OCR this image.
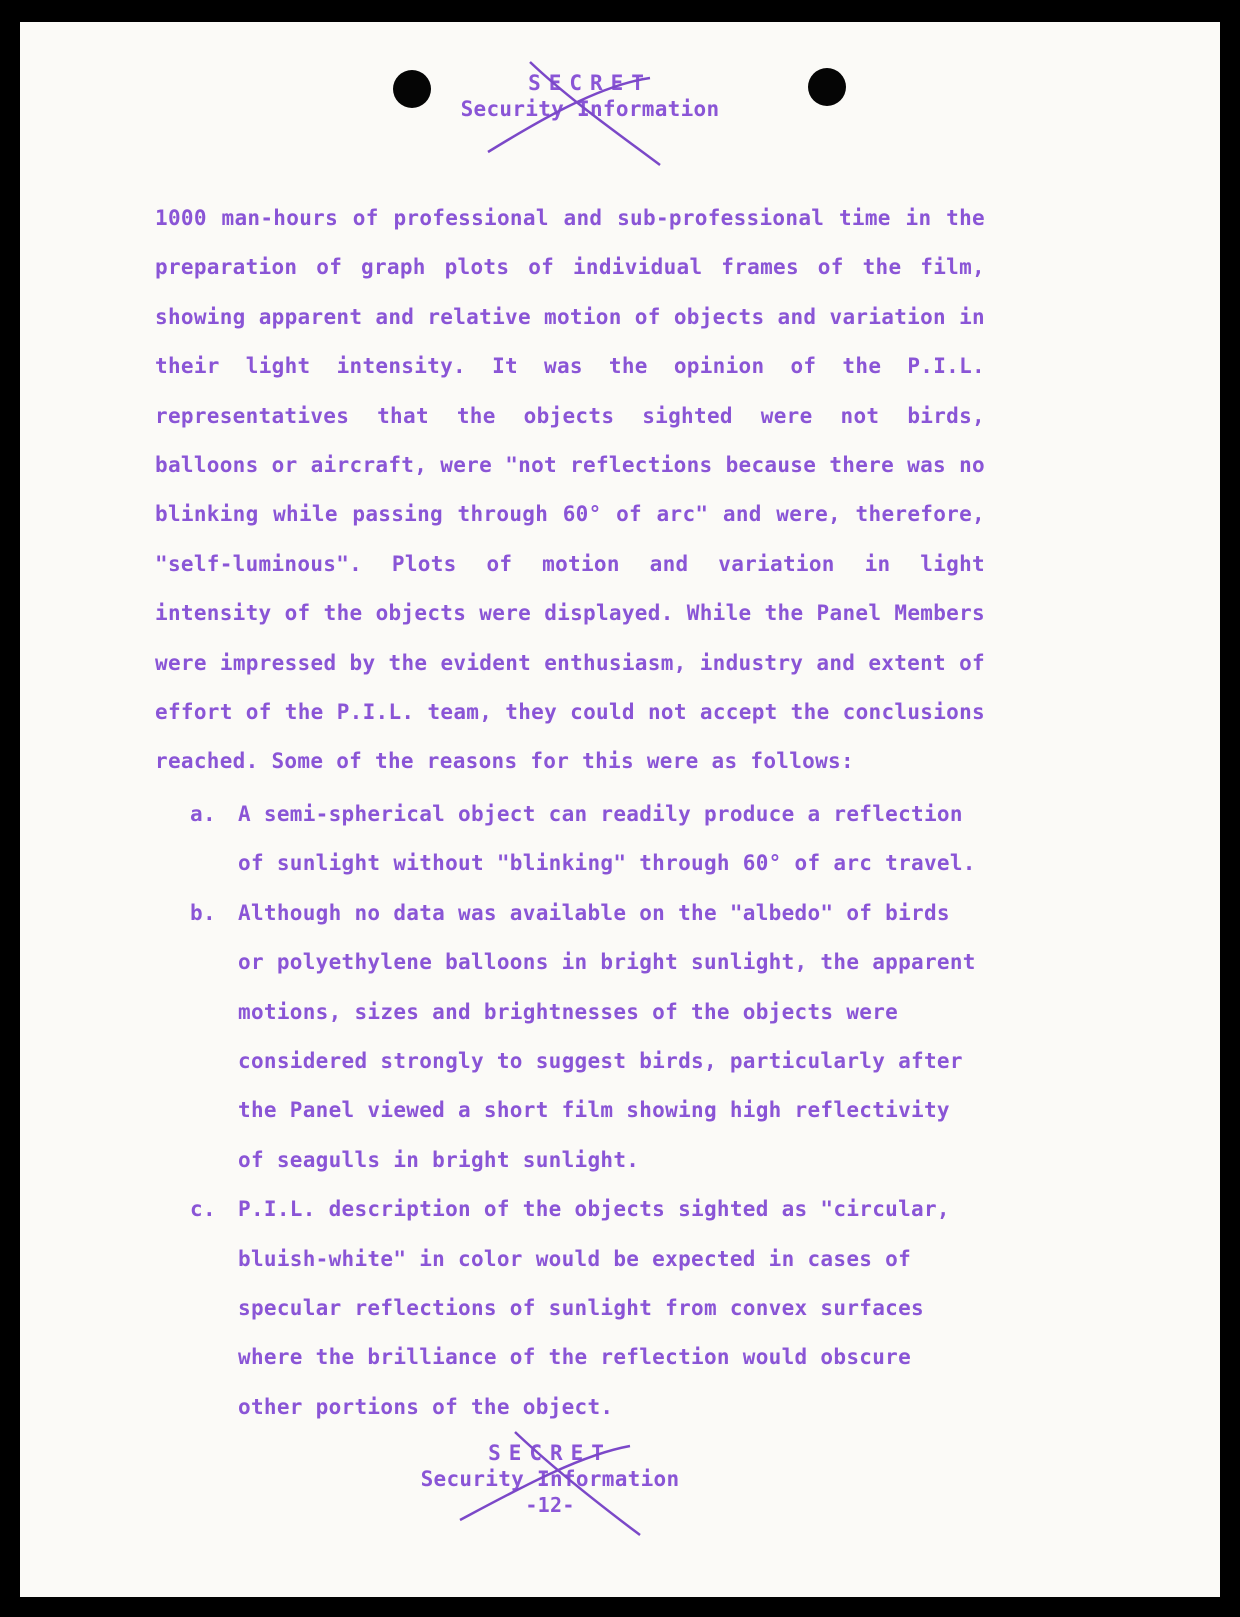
SECRET
Security Information

1000 man-hours of professional and sub-professional time in the preparation of graph plots of individual frames of the film, showing apparent and relative motion of objects and variation in their light intensity. It was the opinion of the P.I.L. representatives that the objects sighted were not birds, balloons or aircraft, were "not reflections because there was no blinking while passing through 60° of arc" and were, therefore, "self-luminous". Plots of motion and variation in light intensity of the objects were displayed. While the Panel Members were impressed by the evident enthusiasm, industry and extent of effort of the P.I.L. team, they could not accept the conclusions reached. Some of the reasons for this were as follows:

a.	A semi-spherical object can readily produce a reflection of sunlight without "blinking" through 60° of arc travel.

b.	Although no data was available on the "albedo" of birds or polyethylene balloons in bright sunlight, the apparent motions, sizes and brightnesses of the objects were considered strongly to suggest birds, particularly after the Panel viewed a short film showing high reflectivity of seagulls in bright sunlight.

c.	P.I.L. description of the objects sighted as "circular, bluish-white" in color would be expected in cases of specular reflections of sunlight from convex surfaces where the brilliance of the reflection would obscure other portions of the object.

SECRET
Security Information
-12-
